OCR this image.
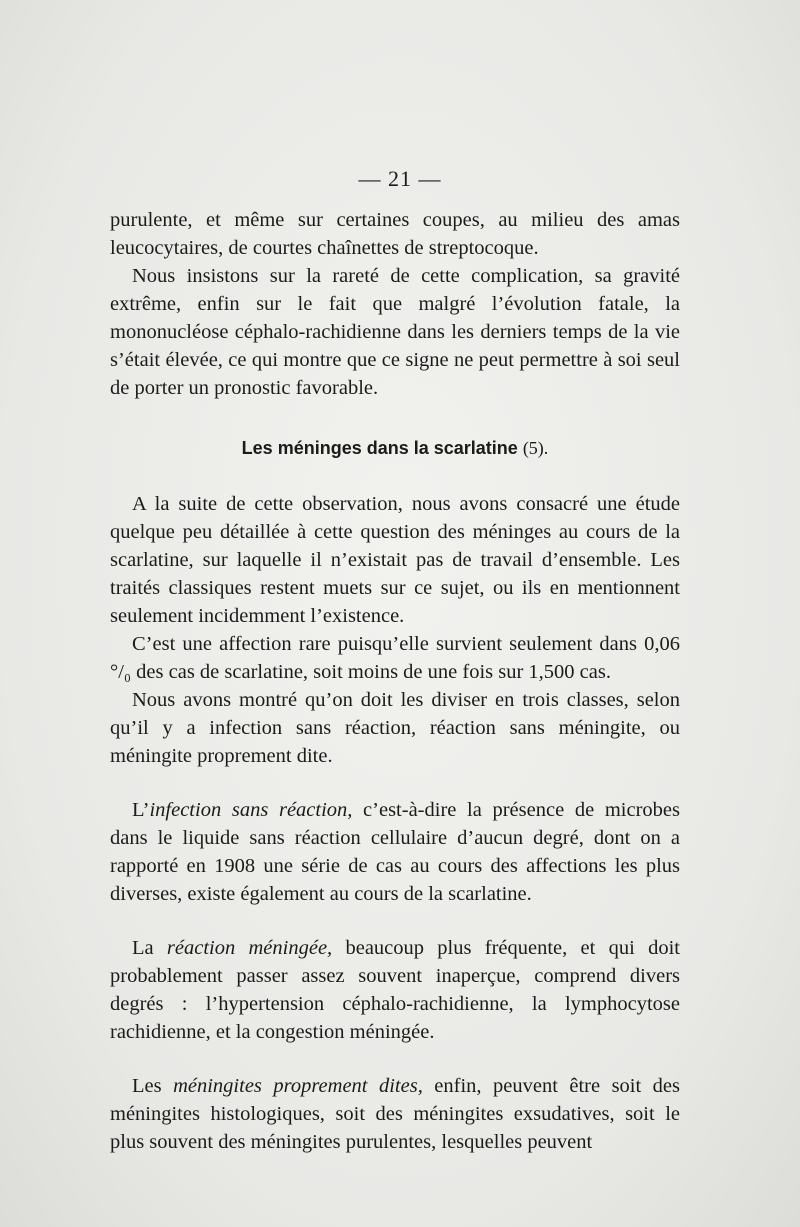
— 21 —

purulente, et même sur certaines coupes, au milieu des amas leucocytaires, de courtes chaînettes de streptocoque.

Nous insistons sur la rareté de cette complication, sa gravité extrême, enfin sur le fait que malgré l’évolution fatale, la mononucléose céphalo-rachidienne dans les derniers temps de la vie s’était élevée, ce qui montre que ce signe ne peut permettre à soi seul de porter un pronostic favorable.

Les méninges dans la scarlatine (5).

A la suite de cette observation, nous avons consacré une étude quelque peu détaillée à cette question des méninges au cours de la scarlatine, sur laquelle il n’existait pas de travail d’ensemble. Les traités classiques restent muets sur ce sujet, ou ils en mentionnent seulement incidemment l’existence.

C’est une affection rare puisqu’elle survient seulement dans 0,06 °/₀ des cas de scarlatine, soit moins de une fois sur 1,500 cas.

Nous avons montré qu’on doit les diviser en trois classes, selon qu’il y a infection sans réaction, réaction sans méningite, ou méningite proprement dite.

L’infection sans réaction, c’est-à-dire la présence de microbes dans le liquide sans réaction cellulaire d’aucun degré, dont on a rapporté en 1908 une série de cas au cours des affections les plus diverses, existe également au cours de la scarlatine.

La réaction méningée, beaucoup plus fréquente, et qui doit probablement passer assez souvent inaperçue, comprend divers degrés : l’hypertension céphalo-rachidienne, la lymphocytose rachidienne, et la congestion méningée.

Les méningites proprement dites, enfin, peuvent être soit des méningites histologiques, soit des méningites exsudatives, soit le plus souvent des méningites purulentes, lesquelles peuvent
